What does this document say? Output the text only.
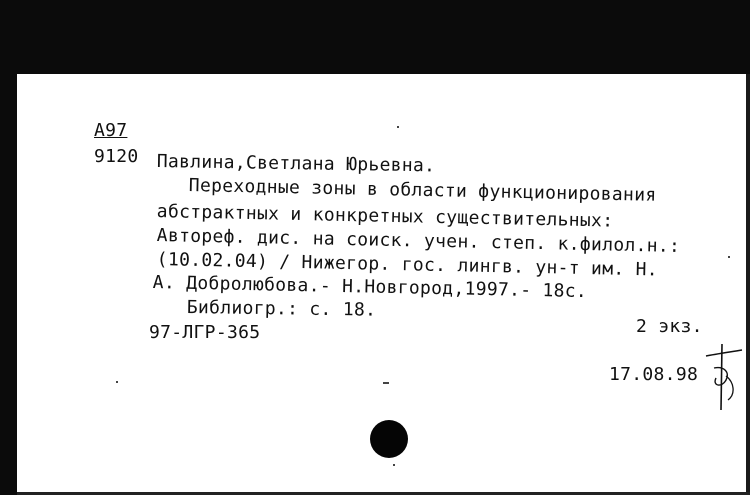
А97
9120 Павлина,Светлана Юрьевна.
Переходные зоны в области функционирования
абстрактных и конкретных существительных:
Автореф. дис. на соиск. учен. степ. к.филол.н.:
(10.02.04) / Нижегор. гос. лингв. ун-т им. Н.
А. Добролюбова.- Н.Новгород,1997.- 18с.
Библиогр.: с. 18.
2 экз.
97-ЛГР-365
17.08.98
